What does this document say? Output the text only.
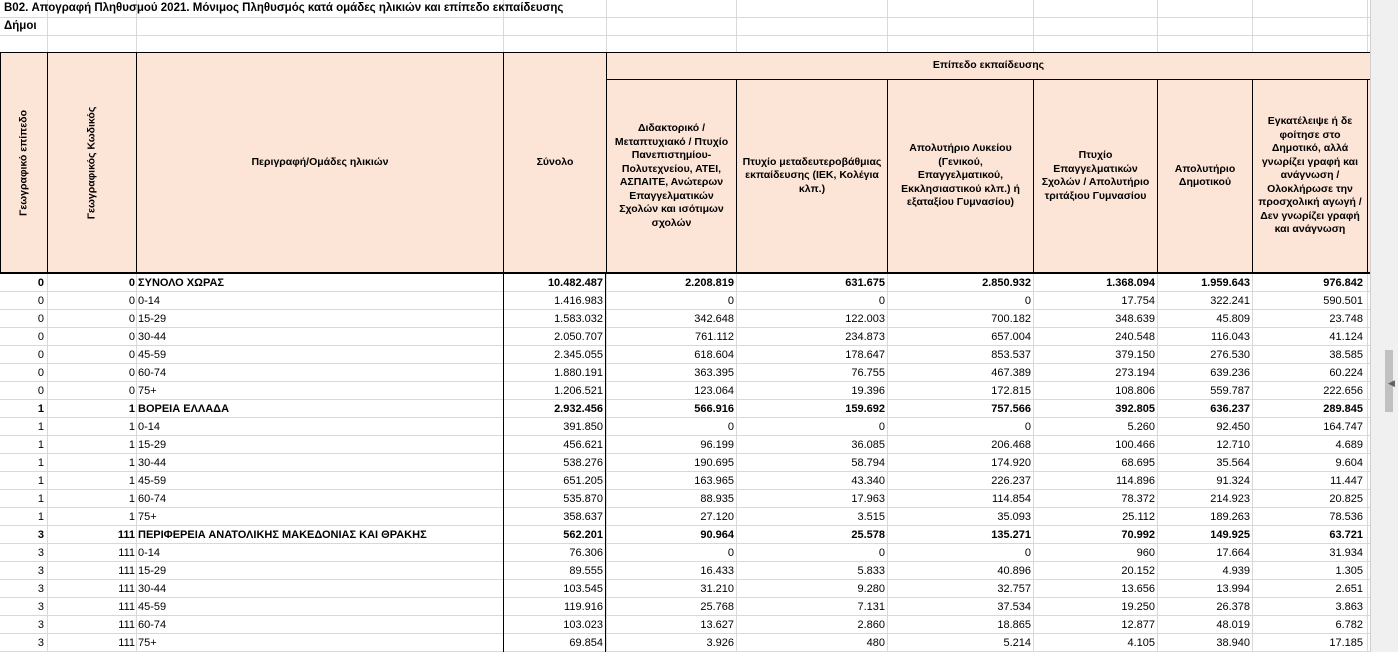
B02. Απογραφή Πληθυσμού 2021. Μόνιμος Πληθυσμός κατά ομάδες ηλικιών και επίπεδο εκπαίδευσης
Δήμοι
Γεωγραφικό επίπεδο	Γεωγραφικός Κωδικός	Περιγραφή/Ομάδες ηλικιών	Σύνολο
Επίπεδο εκπαίδευσης
Διδακτορικό / Μεταπτυχιακό / Πτυχίο Πανεπιστημίου-Πολυτεχνείου, ΑΤΕΙ, ΑΣΠΑΙΤΕ, Ανώτερων Επαγγελματικών Σχολών και ισότιμων σχολών
Πτυχίο μεταδευτεροβάθμιας εκπαίδευσης (ΙΕΚ, Κολέγια κλπ.)
Απολυτήριο Λυκείου (Γενικού, Επαγγελματικού, Εκκλησιαστικού κλπ.) ή εξαταξίου Γυμνασίου)
Πτυχίο Επαγγελματικών Σχολών / Απολυτήριο τριτάξιου Γυμνασίου
Απολυτήριο Δημοτικού
Εγκατέλειψε ή δε φοίτησε στο Δημοτικό, αλλά γνωρίζει γραφή και ανάγνωση / Ολοκλήρωσε την προσχολική αγωγή / Δεν γνωρίζει γραφή και ανάγνωση
0	0 ΣΥΝΟΛΟ ΧΩΡΑΣ	10.482.487	2.208.819	631.675	2.850.932	1.368.094	1.959.643	976.842
0	0 0-14	1.416.983	0	0	0	17.754	322.241	590.501
0	0 15-29	1.583.032	342.648	122.003	700.182	348.639	45.809	23.748
0	0 30-44	2.050.707	761.112	234.873	657.004	240.548	116.043	41.124
0	0 45-59	2.345.055	618.604	178.647	853.537	379.150	276.530	38.585
0	0 60-74	1.880.191	363.395	76.755	467.389	273.194	639.236	60.224
0	0 75+	1.206.521	123.064	19.396	172.815	108.806	559.787	222.656
1	1 ΒΟΡΕΙΑ ΕΛΛΑΔΑ	2.932.456	566.916	159.692	757.566	392.805	636.237	289.845
1	1 0-14	391.850	0	0	0	5.260	92.450	164.747
1	1 15-29	456.621	96.199	36.085	206.468	100.466	12.710	4.689
1	1 30-44	538.276	190.695	58.794	174.920	68.695	35.564	9.604
1	1 45-59	651.205	163.965	43.340	226.237	114.896	91.324	11.447
1	1 60-74	535.870	88.935	17.963	114.854	78.372	214.923	20.825
1	1 75+	358.637	27.120	3.515	35.093	25.112	189.263	78.536
3	111 ΠΕΡΙΦΕΡΕΙΑ ΑΝΑΤΟΛΙΚΗΣ ΜΑΚΕΔΟΝΙΑΣ ΚΑΙ ΘΡΑΚΗΣ	562.201	90.964	25.578	135.271	70.992	149.925	63.721
3	111 0-14	76.306	0	0	0	960	17.664	31.934
3	111 15-29	89.555	16.433	5.833	40.896	20.152	4.939	1.305
3	111 30-44	103.545	31.210	9.280	32.757	13.656	13.994	2.651
3	111 45-59	119.916	25.768	7.131	37.534	19.250	26.378	3.863
3	111 60-74	103.023	13.627	2.860	18.865	12.877	48.019	6.782
3	111 75+	69.854	3.926	480	5.214	4.105	38.940	17.185
◀
